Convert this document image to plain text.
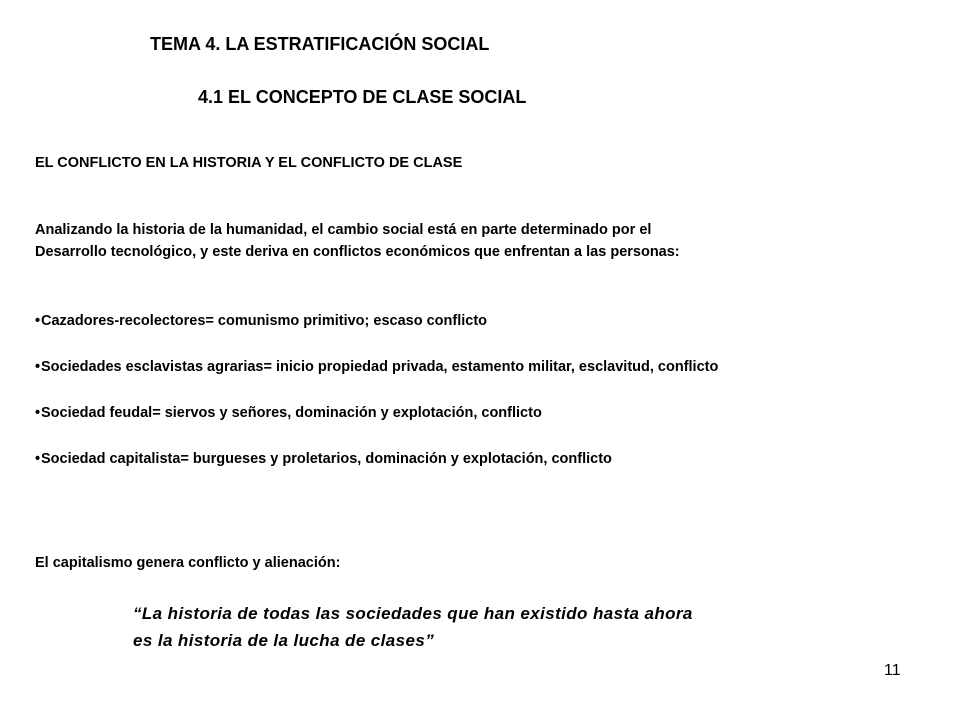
TEMA 4. LA ESTRATIFICACIÓN SOCIAL
4.1 EL CONCEPTO DE CLASE SOCIAL
EL CONFLICTO EN LA HISTORIA Y EL CONFLICTO DE CLASE
Analizando la historia de la humanidad, el cambio social está en parte determinado por el
Desarrollo tecnológico, y este deriva en conflictos económicos que enfrentan a las personas:
•Cazadores-recolectores= comunismo primitivo; escaso conflicto
•Sociedades esclavistas agrarias= inicio propiedad privada, estamento militar, esclavitud, conflicto
•Sociedad feudal= siervos y señores, dominación y explotación, conflicto
•Sociedad capitalista= burgueses y proletarios, dominación y explotación, conflicto
El capitalismo genera conflicto y alienación:
“La historia de todas las sociedades que han existido hasta ahora
es la historia de la lucha de clases”
11
